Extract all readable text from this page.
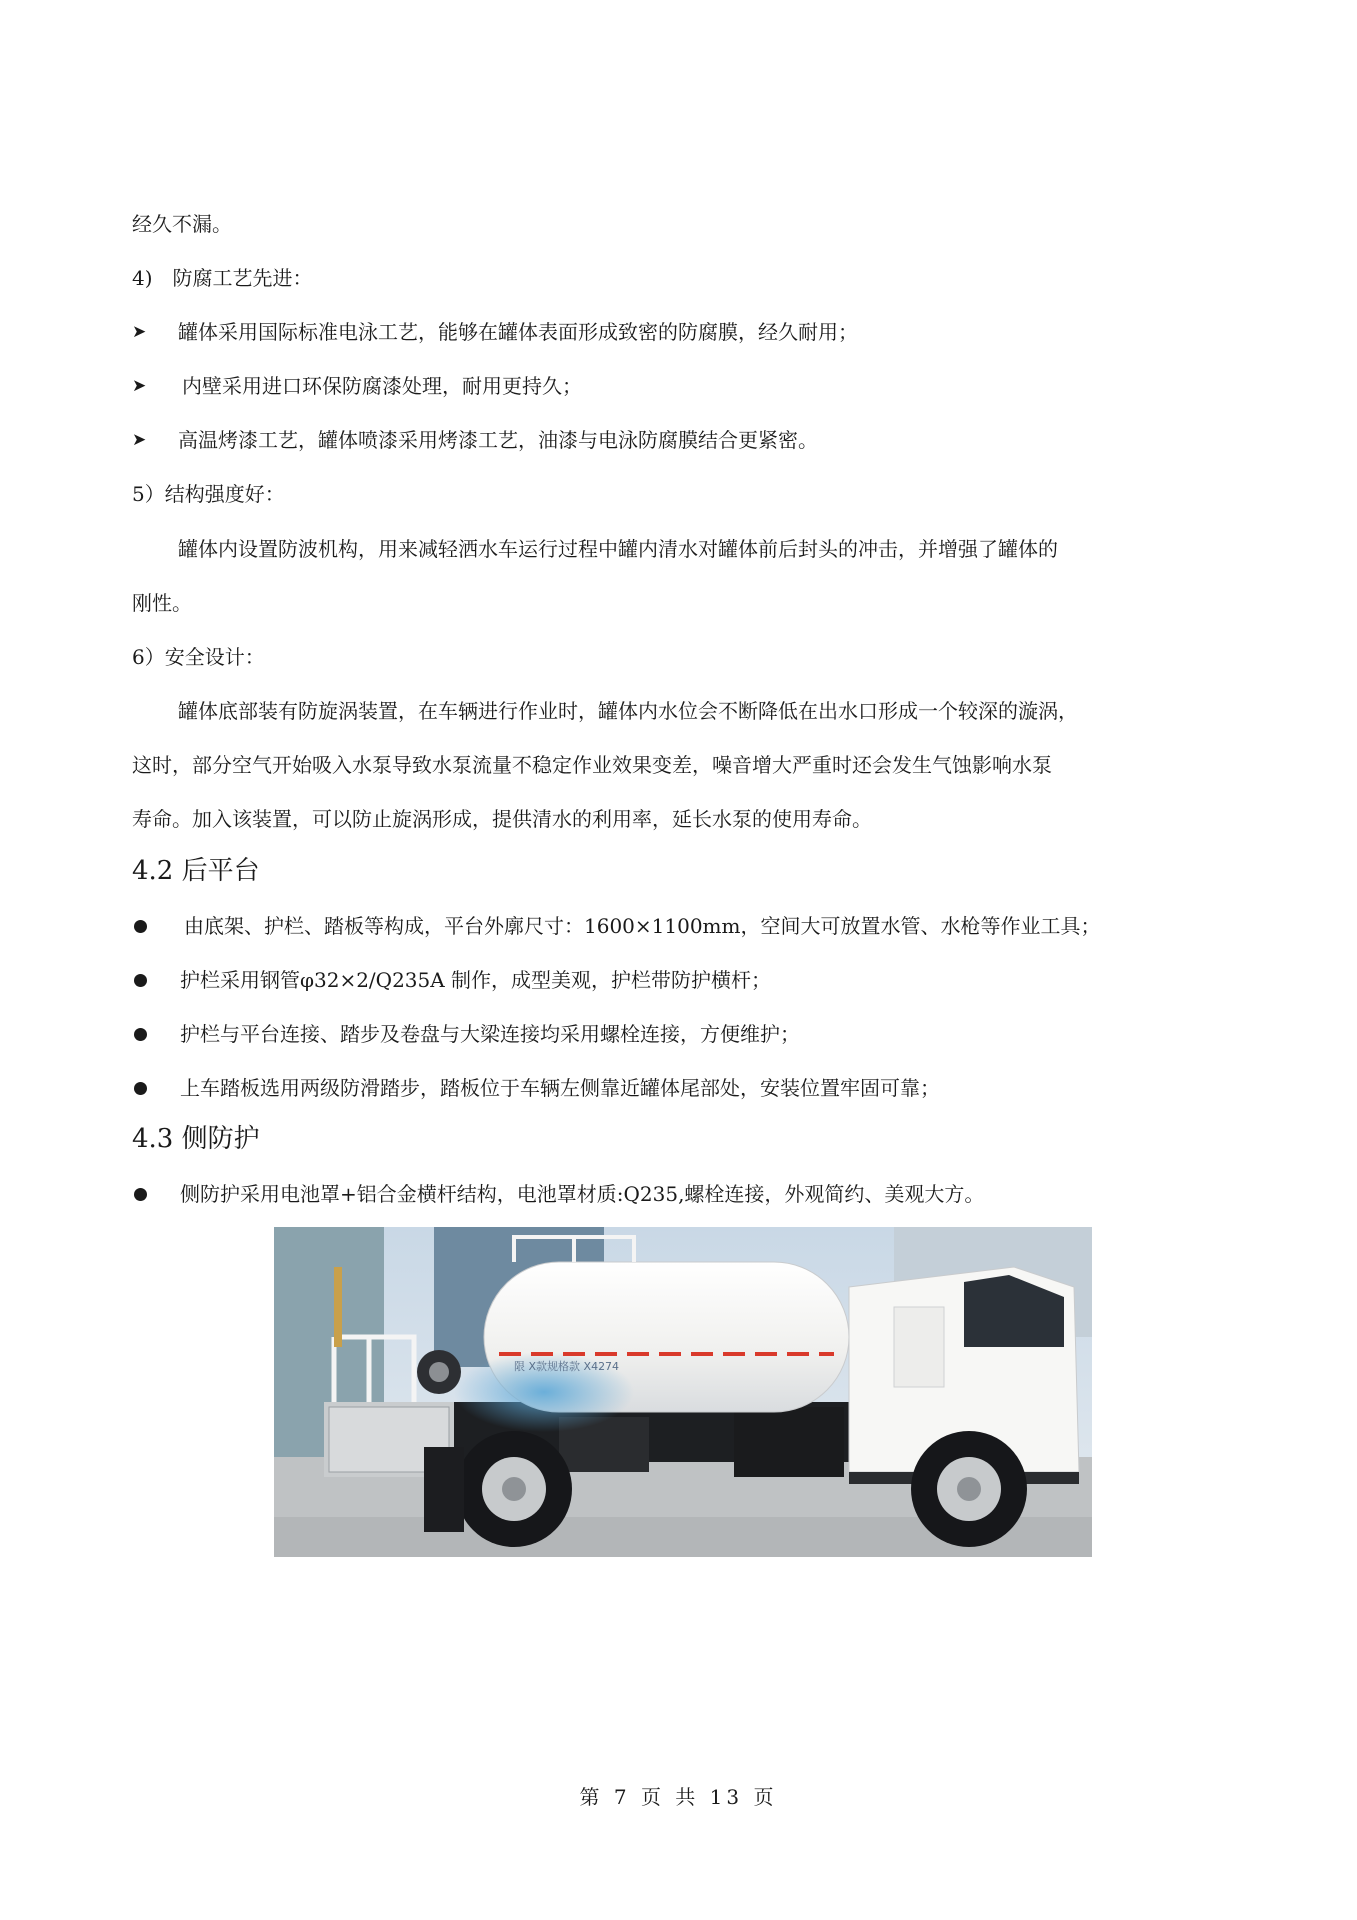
经久不漏。
4)　防腐工艺先进：
➤ 罐体采用国际标准电泳工艺，能够在罐体表面形成致密的防腐膜，经久耐用；
➤ 内壁采用进口环保防腐漆处理，耐用更持久；
➤ 高温烤漆工艺，罐体喷漆采用烤漆工艺，油漆与电泳防腐膜结合更紧密。
5）结构强度好：
罐体内设置防波机构，用来减轻洒水车运行过程中罐内清水对罐体前后封头的冲击，并增强了罐体的
刚性。
6）安全设计：
罐体底部装有防旋涡装置，在车辆进行作业时，罐体内水位会不断降低在出水口形成一个较深的漩涡，
这时，部分空气开始吸入水泵导致水泵流量不稳定作业效果变差，噪音增大严重时还会发生气蚀影响水泵
寿命。加入该装置，可以防止旋涡形成，提供清水的利用率，延长水泵的使用寿命。
4.2 后平台
由底架、护栏、踏板等构成，平台外廓尺寸：1600×1100mm，空间大可放置水管、水枪等作业工具；
护栏采用钢管φ32×2/Q235A 制作，成型美观，护栏带防护横杆；
护栏与平台连接、踏步及卷盘与大梁连接均采用螺栓连接，方便维护；
上车踏板选用两级防滑踏步，踏板位于车辆左侧靠近罐体尾部处，安装位置牢固可靠；
4.3 侧防护
侧防护采用电池罩+铝合金横杆结构，电池罩材质:Q235,螺栓连接，外观简约、美观大方。
限 X款规格款 X4274
第 7 页 共 13 页
